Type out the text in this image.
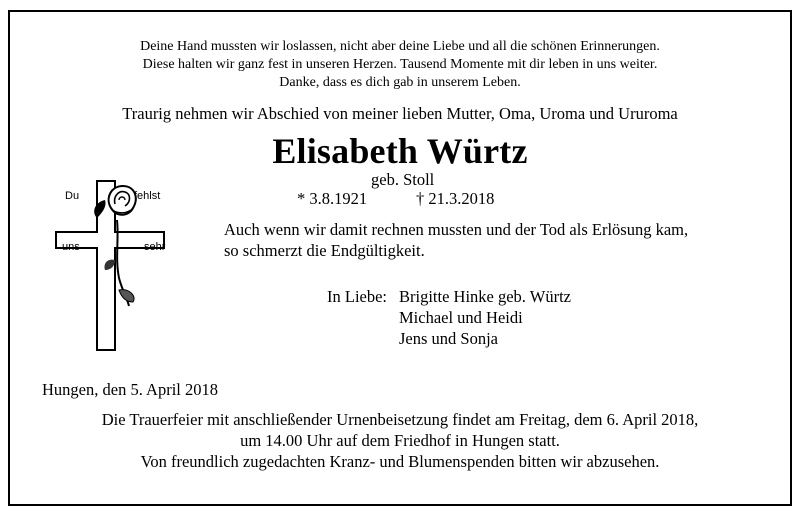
Deine Hand mussten wir loslassen, nicht aber deine Liebe und all die schönen Erinnerungen.
Diese halten wir ganz fest in unseren Herzen. Tausend Momente mit dir leben in uns weiter.
Danke, dass es dich gab in unserem Leben.
Traurig nehmen wir Abschied von meiner lieben Mutter, Oma, Uroma und Ururoma
Elisabeth Würtz
geb. Stoll
* 3.8.1921	† 21.3.2018
Du	fehlst
uns	sehr
Auch wenn wir damit rechnen mussten und der Tod als Erlösung kam,
so schmerzt die Endgültigkeit.
In Liebe: Brigitte Hinke geb. Würtz
Michael und Heidi
Jens und Sonja
Hungen, den 5. April 2018
Die Trauerfeier mit anschließender Urnenbeisetzung findet am Freitag, dem 6. April 2018,
um 14.00 Uhr auf dem Friedhof in Hungen statt.
Von freundlich zugedachten Kranz- und Blumenspenden bitten wir abzusehen.
